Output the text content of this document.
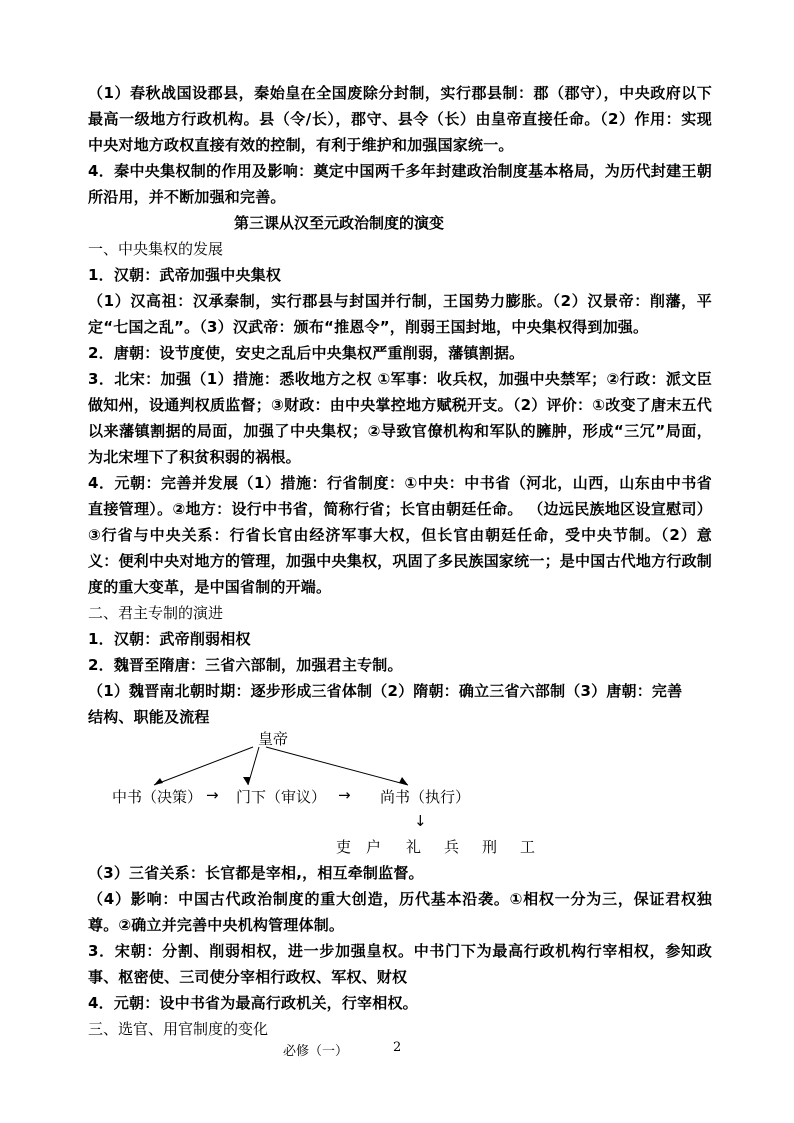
（1）春秋战国设郡县，秦始皇在全国废除分封制，实行郡县制：郡（郡守），中央政府以下最高一级地方行政机构。县（令/长），郡守、县令（长）由皇帝直接任命。（2）作用：实现中央对地方政权直接有效的控制，有利于维护和加强国家统一。

4．秦中央集权制的作用及影响：奠定中国两千多年封建政治制度基本格局，为历代封建王朝所沿用，并不断加强和完善。

第三课从汉至元政治制度的演变

一、中央集权的发展

1．汉朝：武帝加强中央集权

（1）汉高祖：汉承秦制，实行郡县与封国并行制，王国势力膨胀。（2）汉景帝：削藩，平定“七国之乱”。（3）汉武帝：颁布“推恩令”，削弱王国封地，中央集权得到加强。

2．唐朝：设节度使，安史之乱后中央集权严重削弱，藩镇割据。

3．北宋：加强（1）措施：悉收地方之权 ①军事：收兵权，加强中央禁军；②行政：派文臣做知州，设通判权质监督；③财政：由中央掌控地方赋税开支。（2）评价：①改变了唐末五代以来藩镇割据的局面，加强了中央集权；②导致官僚机构和军队的臃肿，形成“三冗”局面，为北宋埋下了积贫积弱的祸根。

4．元朝：完善并发展（1）措施：行省制度：①中央：中书省（河北，山西，山东由中书省直接管理）。②地方：设行中书省，简称行省；长官由朝廷任命。 （边远民族地区设宣慰司）③行省与中央关系：行省长官由经济军事大权，但长官由朝廷任命，受中央节制。（2）意义：便利中央对地方的管理，加强中央集权，巩固了多民族国家统一；是中国古代地方行政制度的重大变革，是中国省制的开端。

二、君主专制的演进

1．汉朝：武帝削弱相权

2．魏晋至隋唐：三省六部制，加强君主专制。

（1）魏晋南北朝时期：逐步形成三省体制（2）隋朝：确立三省六部制（3）唐朝：完善

结构、职能及流程

皇帝
中书（决策） → 门下（审议） → 尚书（执行）
↓
吏 户 礼 兵 刑 工

（3）三省关系：长官都是宰相,，相互牵制监督。

（4）影响：中国古代政治制度的重大创造，历代基本沿袭。①相权一分为三，保证君权独尊。②确立并完善中央机构管理体制。

3．宋朝：分割、削弱相权，进一步加强皇权。中书门下为最高行政机构行宰相权，参知政事、枢密使、三司使分宰相行政权、军权、财权

4．元朝：设中书省为最高行政机关，行宰相权。

三、选官、用官制度的变化

必修（一）	2
